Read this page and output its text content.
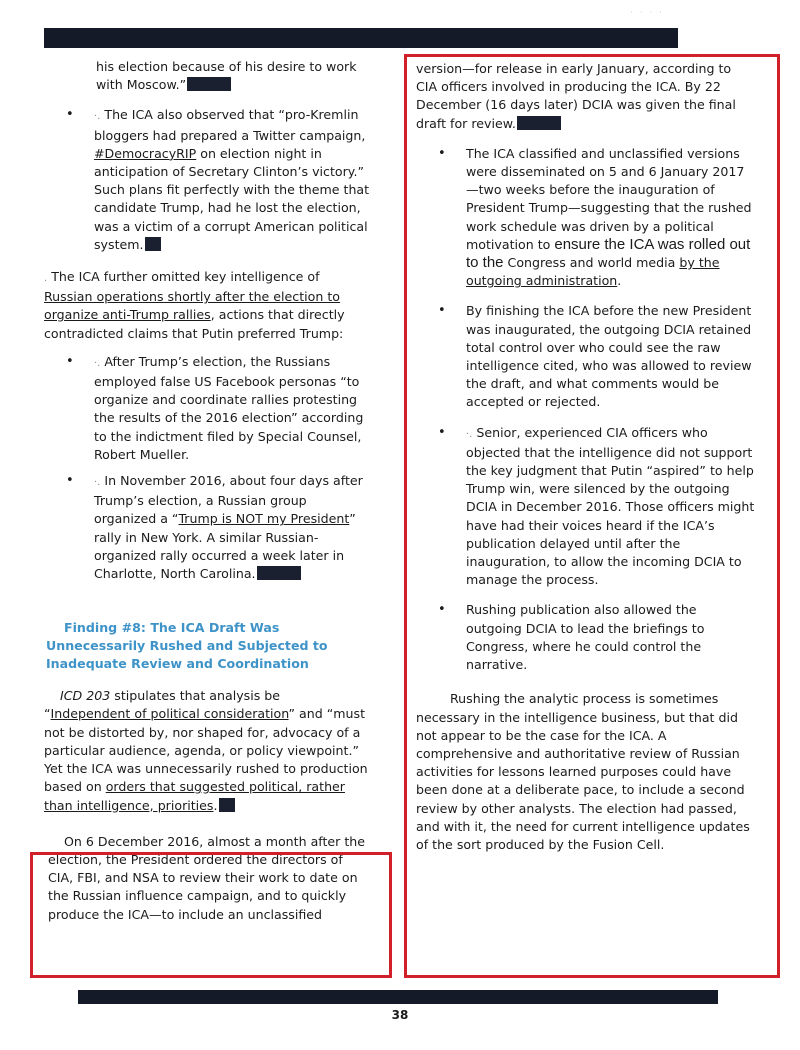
· · · ·

his election because of his desire to work with Moscow.”

• ·. The ICA also observed that “pro-Kremlin bloggers had prepared a Twitter campaign, #DemocracyRIP on election night in anticipation of Secretary Clinton’s victory.” Such plans fit perfectly with the theme that candidate Trump, had he lost the election, was a victim of a corrupt American political system.

. The ICA further omitted key intelligence of Russian operations shortly after the election to organize anti-Trump rallies, actions that directly contradicted claims that Putin preferred Trump:

• ·. After Trump’s election, the Russians employed false US Facebook personas “to organize and coordinate rallies protesting the results of the 2016 election” according to the indictment filed by Special Counsel, Robert Mueller.
• ·. In November 2016, about four days after Trump’s election, a Russian group organized a “Trump is NOT my President” rally in New York. A similar Russian-organized rally occurred a week later in Charlotte, North Carolina.

Finding #8: The ICA Draft Was Unnecessarily Rushed and Subjected to Inadequate Review and Coordination

ICD 203 stipulates that analysis be “Independent of political consideration” and “must not be distorted by, nor shaped for, advocacy of a particular audience, agenda, or policy viewpoint.” Yet the ICA was unnecessarily rushed to production based on orders that suggested political, rather than intelligence, priorities.

On 6 December 2016, almost a month after the election, the President ordered the directors of CIA, FBI, and NSA to review their work to date on the Russian influence campaign, and to quickly produce the ICA—to include an unclassified

version—for release in early January, according to CIA officers involved in producing the ICA. By 22 December (16 days later) DCIA was given the final draft for review.

• The ICA classified and unclassified versions were disseminated on 5 and 6 January 2017—two weeks before the inauguration of President Trump—suggesting that the rushed work schedule was driven by a political motivation to ensure the ICA was rolled out to the Congress and world media by the outgoing administration.
• By finishing the ICA before the new President was inaugurated, the outgoing DCIA retained total control over who could see the raw intelligence cited, who was allowed to review the draft, and what comments would be accepted or rejected.
• ·. Senior, experienced CIA officers who objected that the intelligence did not support the key judgment that Putin “aspired” to help Trump win, were silenced by the outgoing DCIA in December 2016. Those officers might have had their voices heard if the ICA’s publication delayed until after the inauguration, to allow the incoming DCIA to manage the process.
• Rushing publication also allowed the outgoing DCIA to lead the briefings to Congress, where he could control the narrative.

Rushing the analytic process is sometimes necessary in the intelligence business, but that did not appear to be the case for the ICA. A comprehensive and authoritative review of Russian activities for lessons learned purposes could have been done at a deliberate pace, to include a second review by other analysts. The election had passed, and with it, the need for current intelligence updates of the sort produced by the Fusion Cell.

38
